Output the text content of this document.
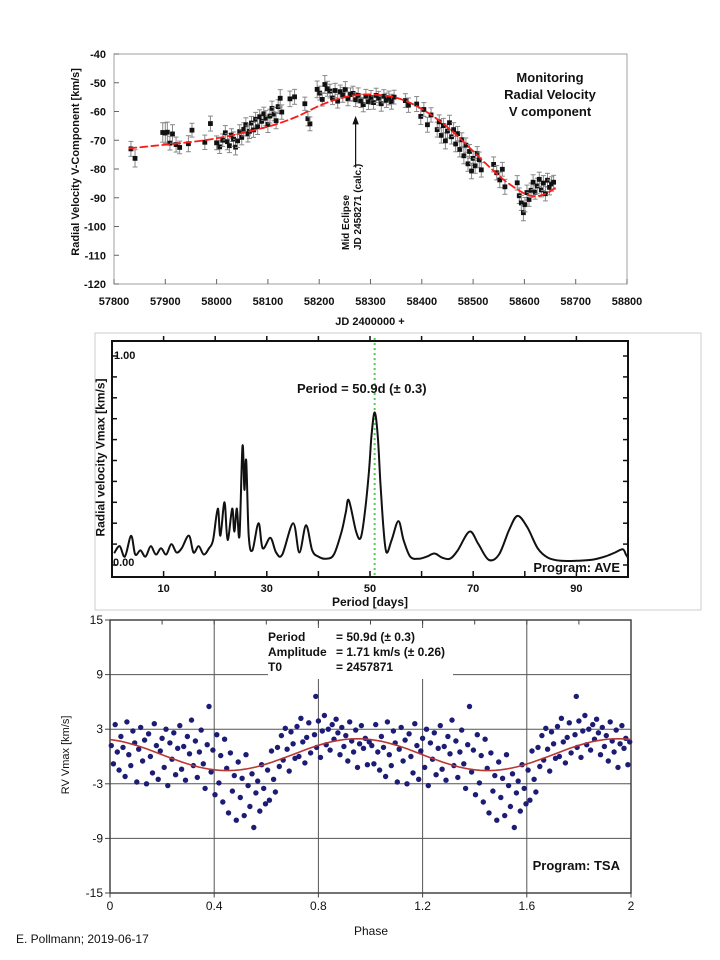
-40
-50
-60
-70
-80
-90
-100
-110
-120
57800 57900 58000 58100 58200 58300 58400 58500 58600 58700 58800
10	30	50	70	90
0	0.4	0.8	1.2	1.6	2
15
9
3
-3
-9
-15
Radial Velocity V-Component [km/s]
JD 2400000 +
Monitoring
Radial Velocity
V component
Mid Eclipse JD 2458271 (calc.)
Radial velocity Vmax [km/s]
Period [days]
1.00
0.00
Period = 50.9d (± 0.3)
Program: AVE
RV Vmax [km/s]
Phase
Period	= 50.9d (± 0.3)
Amplitude = 1.71 km/s (± 0.26)
T0	= 2457871
Program: TSA
E. Pollmann; 2019-06-17
